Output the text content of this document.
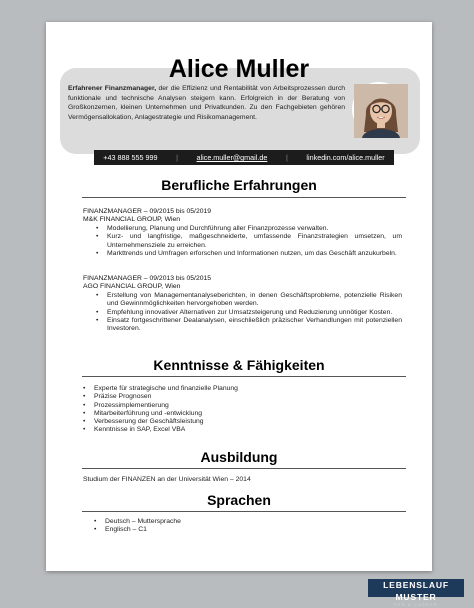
Alice Muller
Erfahrener Finanzmanager, der die Effizienz und Rentabilität von Arbeitsprozessen durch funktionale und technische Analysen steigern kann. Erfolgreich in der Beratung von Großkonzernen, kleinen Unternehmen und Privatkunden. Zu den Fachgebieten gehören Vermögensallokation, Anlagestrategie und Risikomanagement.
+43 888 555 999	|	alice.muller@gmail.de	|	linkedin.com/alice.muller
Berufliche Erfahrungen
FINANZMANAGER – 09/2015 bis 05/2019
M&K FINANCIAL GROUP, Wien
• Modellierung, Planung und Durchführung aller Finanzprozesse verwalten.
• Kurz- und langfristige, maßgeschneiderte, umfassende Finanzstrategien umsetzen, um Unternehmensziele zu erreichen.
• Markttrends und Umfragen erforschen und Informationen nutzen, um das Geschäft anzukurbeln.
FINANZMANAGER – 09/2013 bis 05/2015
AGO FINANCIAL GROUP, Wien
• Erstellung von Managementanalyseberichten, in denen Geschäftsprobleme, potenzielle Risiken und Gewinnmöglichkeiten hervorgehoben werden.
• Empfehlung innovativer Alternativen zur Umsatzsteigerung und Reduzierung unnötiger Kosten.
• Einsatz fortgeschrittener Dealanalysen, einschließlich präzischer Verhandlungen mit potenziellen Investoren.
Kenntnisse & Fähigkeiten
• Experte für strategische und finanzielle Planung
• Präzise Prognosen
• Prozessimplementierung
• Mitarbeiterführung und -entwicklung
• Verbesserung der Geschäftsleistung
• Kenntnisse in SAP, Excel VBA
Ausbildung
Studium der FINANZEN an der Universität Wien – 2014
Sprachen
• Deutsch – Muttersprache
• Englisch – C1
LEBENSLAUF MUSTER
FOR A CAREER
